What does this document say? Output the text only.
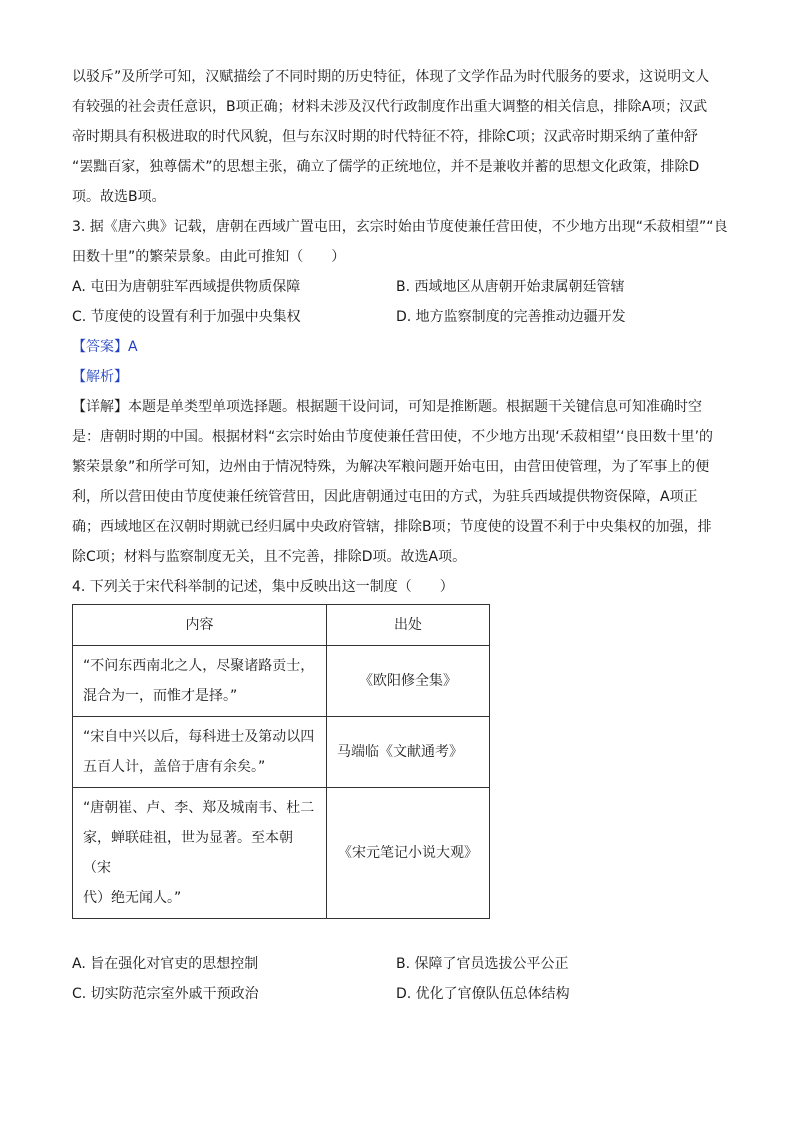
以驳斥”及所学可知，汉赋描绘了不同时期的历史特征，体现了文学作品为时代服务的要求，这说明文人

有较强的社会责任意识，B项正确；材料未涉及汉代行政制度作出重大调整的相关信息，排除A项；汉武

帝时期具有积极进取的时代风貌，但与东汉时期的时代特征不符，排除C项；汉武帝时期采纳了董仲舒

“罢黜百家，独尊儒术”的思想主张，确立了儒学的正统地位，并不是兼收并蓄的思想文化政策，排除D

项。故选B项。

3. 据《唐六典》记载，唐朝在西域广置屯田，玄宗时始由节度使兼任营田使，不少地方出现“禾菽相望”“良

田数十里”的繁荣景象。由此可推知（　　）

A. 屯田为唐朝驻军西域提供物质保障	B. 西域地区从唐朝开始隶属朝廷管辖
C. 节度使的设置有利于加强中央集权	D. 地方监察制度的完善推动边疆开发

【答案】A

【解析】

【详解】本题是单类型单项选择题。根据题干设问词，可知是推断题。根据题干关键信息可知准确时空

是：唐朝时期的中国。根据材料“玄宗时始由节度使兼任营田使，不少地方出现‘禾菽相望’‘良田数十里’的

繁荣景象”和所学可知，边州由于情况特殊，为解决军粮问题开始屯田，由营田使管理，为了军事上的便

利，所以营田使由节度使兼任统管营田，因此唐朝通过屯田的方式，为驻兵西域提供物资保障，A项正

确；西域地区在汉朝时期就已经归属中央政府管辖，排除B项；节度使的设置不利于中央集权的加强，排

除C项；材料与监察制度无关，且不完善，排除D项。故选A项。

4. 下列关于宋代科举制的记述，集中反映出这一制度（　　）

内容	出处

“不问东西南北之人，尽聚诸路贡士，
混合为一，而惟才是择。”	《欧阳修全集》

“宋自中兴以后，每科进士及第动以四
五百人计，盖倍于唐有余矣。”	马端临《文献通考》

“唐朝崔、卢、李、郑及城南韦、杜二
家，蝉联硅祖，世为显著。至本朝（宋
代）绝无闻人。”	《宋元笔记小说大观》
A. 旨在强化对官吏的思想控制	B. 保障了官员选拔公平公正
C. 切实防范宗室外戚干预政治	D. 优化了官僚队伍总体结构
